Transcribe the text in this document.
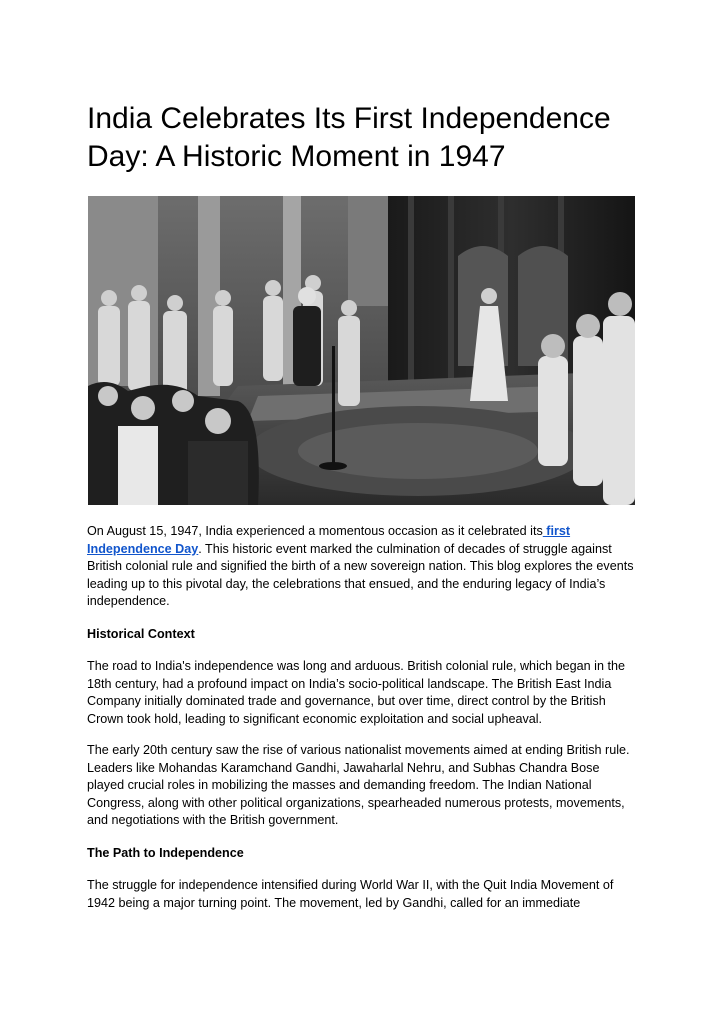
India Celebrates Its First Independence Day: A Historic Moment in 1947

On August 15, 1947, India experienced a momentous occasion as it celebrated its first Independence Day. This historic event marked the culmination of decades of struggle against British colonial rule and signified the birth of a new sovereign nation. This blog explores the events leading up to this pivotal day, the celebrations that ensued, and the enduring legacy of India’s independence.

Historical Context

The road to India's independence was long and arduous. British colonial rule, which began in the 18th century, had a profound impact on India’s socio-political landscape. The British East India Company initially dominated trade and governance, but over time, direct control by the British Crown took hold, leading to significant economic exploitation and social upheaval.

The early 20th century saw the rise of various nationalist movements aimed at ending British rule. Leaders like Mohandas Karamchand Gandhi, Jawaharlal Nehru, and Subhas Chandra Bose played crucial roles in mobilizing the masses and demanding freedom. The Indian National Congress, along with other political organizations, spearheaded numerous protests, movements, and negotiations with the British government.

The Path to Independence

The struggle for independence intensified during World War II, with the Quit India Movement of 1942 being a major turning point. The movement, led by Gandhi, called for an immediate
